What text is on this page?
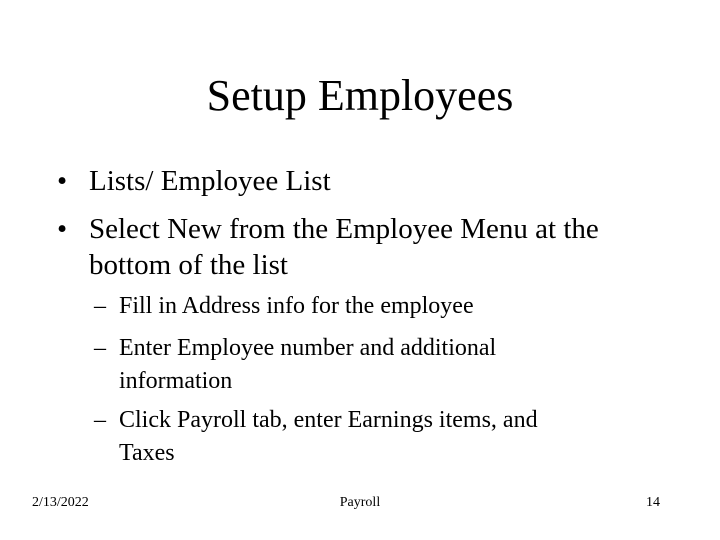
Setup Employees
• Lists/ Employee List
• Select New from the Employee Menu at the
bottom of the list
– Fill in Address info for the employee
– Enter Employee number and additional
information
– Click Payroll tab, enter Earnings items, and
Taxes
2/13/2022	Payroll	14
